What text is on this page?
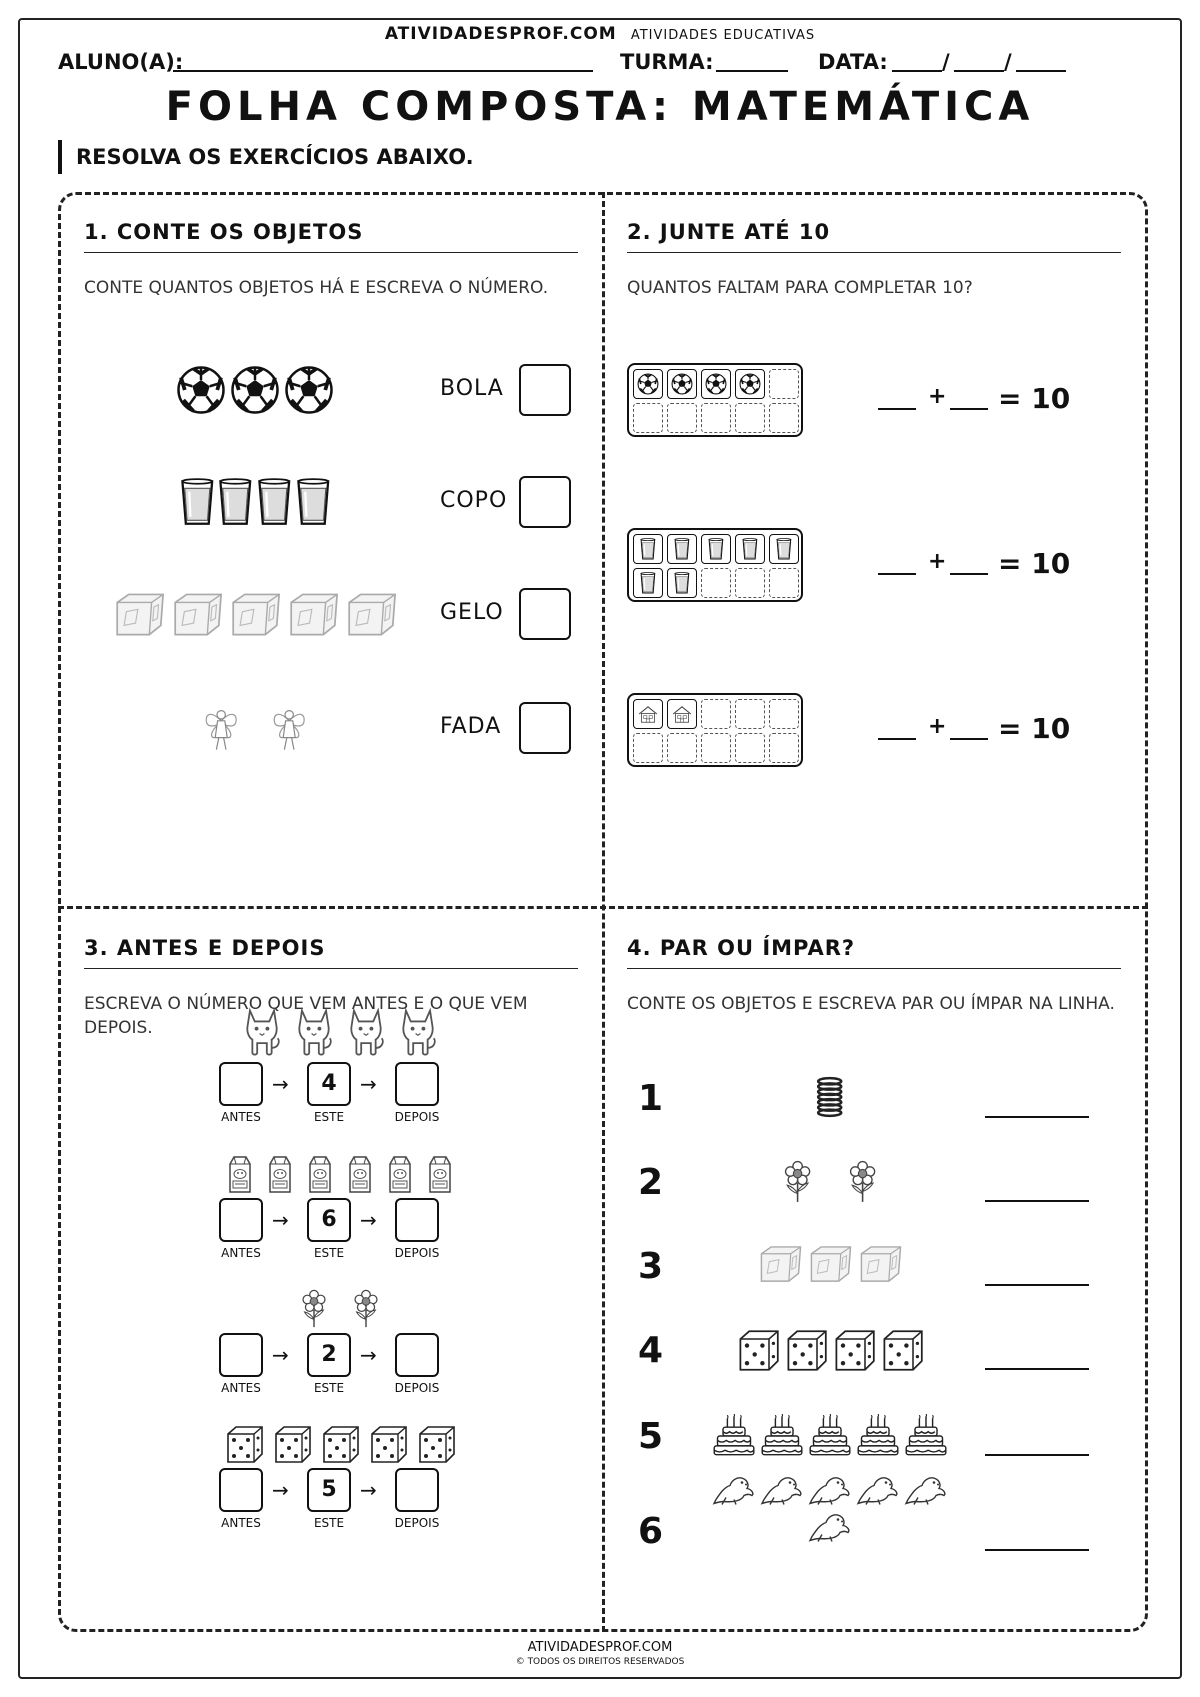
ATIVIDADESPROF.COM ATIVIDADES EDUCATIVAS
ALUNO(A):	TURMA:	DATA:	/	/
FOLHA COMPOSTA: MATEMÁTICA
RESOLVA OS EXERCÍCIOS ABAIXO.
1. CONTE OS OBJETOS
CONTE QUANTOS OBJETOS HÁ E ESCREVA O NÚMERO.
2. JUNTE ATÉ 10
QUANTOS FALTAM PARA COMPLETAR 10?
3. ANTES E DEPOIS
ESCREVA O NÚMERO QUE VEM ANTES E O QUE VEM DEPOIS.
4. PAR OU ÍMPAR?
CONTE OS OBJETOS E ESCREVA PAR OU ÍMPAR NA LINHA.
ATIVIDADESPROF.COM
© TODOS OS DIREITOS RESERVADOS
BOLA
COPO
GELO
FADA
+ = 10
+ = 10
+ = 10
→	4	→
ANTES	ESTE	DEPOIS
→	6	→
ANTES	ESTE	DEPOIS
→	2	→
ANTES	ESTE	DEPOIS
→	5	→
ANTES	ESTE	DEPOIS
1
2
3
4
5
6
